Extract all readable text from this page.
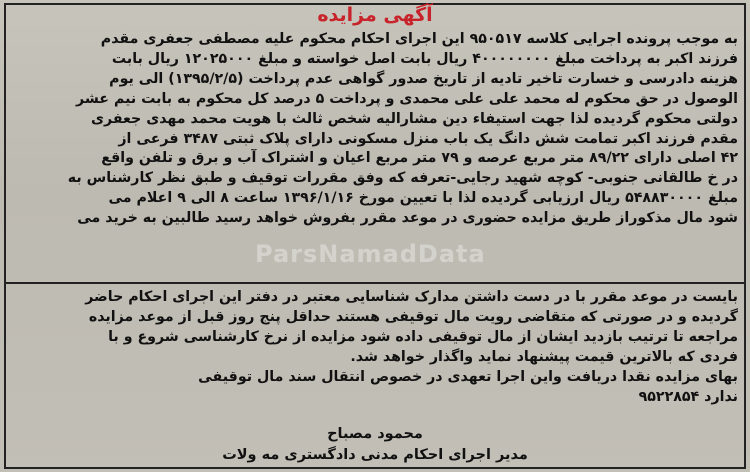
ParsNamadData
آگهی مزایده
به موجب پرونده اجرایی کلاسه ۹۵۰۵۱۷ این اجرای احکام محکوم علیه مصطفی جعفری مقدم
فرزند اکبر به پرداخت مبلغ ۴۰۰۰۰۰۰۰۰ ریال بابت اصل خواسته و مبلغ ۱۲۰۲۵۰۰۰ ریال بابت
هزینه دادرسی و خسارت تاخیر تادیه از تاریخ صدور گواهی عدم پرداخت (۱۳۹۵/۲/۵) الی یوم
الوصول در حق محکوم له محمد علی علی محمدی و پرداخت ۵ درصد کل محکوم به بابت نیم عشر
دولتی محکوم گردیده لذا جهت استیفاء دین مشارالیه شخص ثالث با هویت محمد مهدی جعفری
مقدم فرزند اکبر تمامت شش دانگ یک باب منزل مسکونی دارای پلاک ثبتی ۳۴۸۷ فرعی از
۴۲ اصلی دارای ۸۹/۲۲ متر مربع عرصه و ۷۹ متر مربع اعیان و اشتراک آب و برق و تلفن واقع
در خ طالقانی جنوبی- کوچه شهید رجایی-تعرفه که وفق مقررات توقیف و طبق نظر کارشناس به
مبلغ ۵۴۸۸۳۰۰۰۰ ریال ارزیابی گردیده لذا با تعیین مورخ ۱۳۹۶/۱/۱۶ ساعت ۸ الی ۹ اعلام می
شود مال مذکوراز طریق مزایده حضوری در موعد مقرر بفروش خواهد رسید طالبین به خرید می
بایست در موعد مقرر با در دست داشتن مدارک شناسایی معتبر در دفتر این اجرای احکام حاضر
گردیده و در صورتی که متقاضی رویت مال توقیفی هستند حداقل پنج روز قبل از موعد مزایده
مراجعه تا ترتیب بازدید ایشان از مال توقیفی داده شود مزایده از نرخ کارشناسی شروع و با
فردی که بالاترین قیمت پیشنهاد نماید واگذار خواهد شد.
بهای مزایده نقدا دریافت واین اجرا تعهدی در خصوص انتقال سند مال توقیفی
ندارد ۹۵۲۲۸۵۴
محمود مصباح
مدیر اجرای احکام مدنی دادگستری مه ولات
